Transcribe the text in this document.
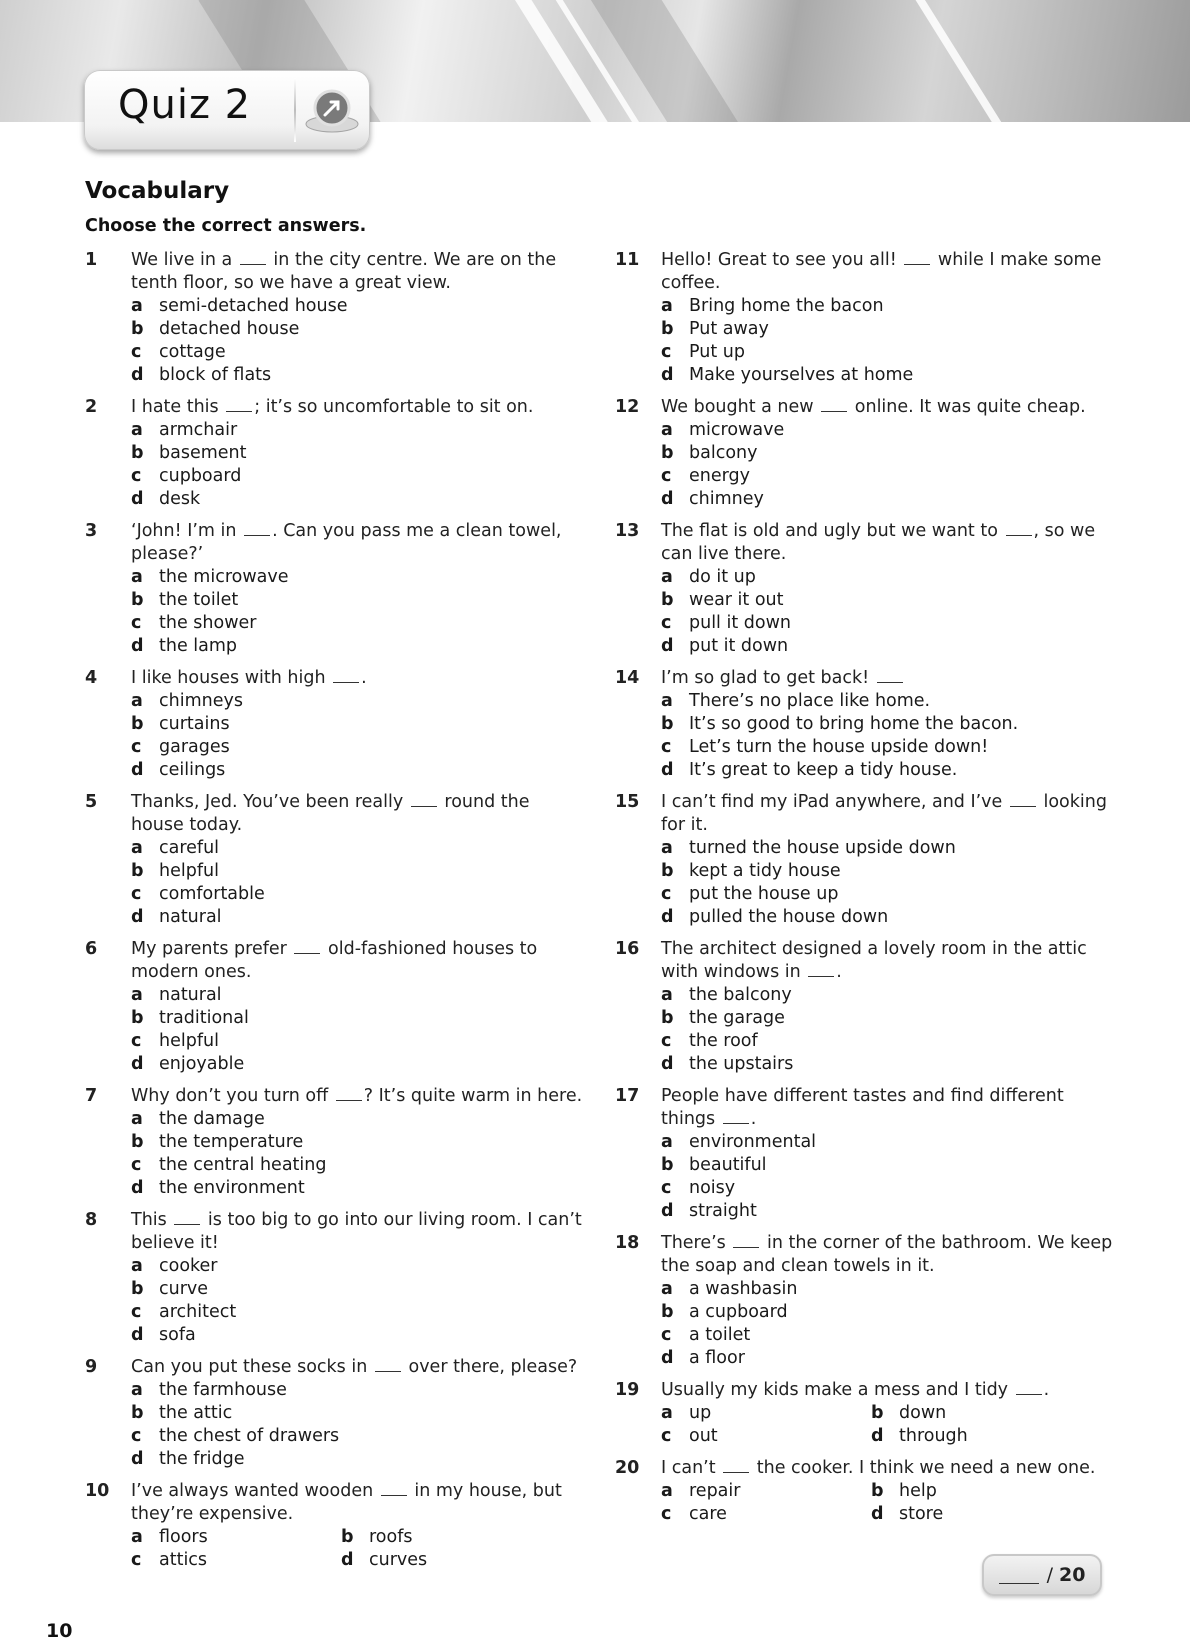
Quiz 2
Vocabulary
Choose the correct answers.
1	We live in a in the city centre. We are on the tenth floor, so we have a great view.
a semi-detached house
b detached house
c	cottage
d block of flats
2	I hate this ; it’s so uncomfortable to sit on.
a armchair
b basement
c	cupboard
d desk
3	‘John! I’m in . Can you pass me a clean towel, please?’
a the microwave
b the toilet
c	the shower
d the lamp
4	I like houses with high .
a chimneys
b curtains
c	garages
d ceilings
5	Thanks, Jed. You’ve been really round the house today.
a careful
b helpful
c	comfortable
d natural
6	My parents prefer old-fashioned houses to modern ones.
a natural
b traditional
c	helpful
d enjoyable
7	Why don’t you turn off ? It’s quite warm in here.
a the damage
b the temperature
c	the central heating
d the environment
8	This is too big to go into our living room. I can’t believe it!
a cooker
b curve
c	architect
d sofa
9	Can you put these socks in over there, please?
a the farmhouse
b the attic
c	the chest of drawers
d the fridge
10	I’ve always wanted wooden in my house, but they’re expensive.
a floors	b roofs
c	attics	d curves
11	Hello! Great to see you all! while I make some coffee.
a Bring home the bacon
b Put away
c	Put up
d Make yourselves at home
12	We bought a new online. It was quite cheap.
a microwave
b balcony
c	energy
d chimney
13	The flat is old and ugly but we want to , so we can live there.
a do it up
b wear it out
c	pull it down
d put it down
14	I’m so glad to get back!
a There’s no place like home.
b It’s so good to bring home the bacon.
c	Let’s turn the house upside down!
d It’s great to keep a tidy house.
15	I can’t find my iPad anywhere, and I’ve looking for it.
a turned the house upside down
b kept a tidy house
c	put the house up
d pulled the house down
16	The architect designed a lovely room in the attic with windows in .
a the balcony
b the garage
c	the roof
d the upstairs
17	People have different tastes and find different things .
a environmental
b beautiful
c	noisy
d straight
18	There’s in the corner of the bathroom. We keep the soap and clean towels in it.
a a washbasin
b a cupboard
c	a toilet
d a floor
19	Usually my kids make a mess and I tidy .
a up	b down
c	out	d through
20	I can’t the cooker. I think we need a new one.
a repair	b help
c	care	d store
/ 20
10
